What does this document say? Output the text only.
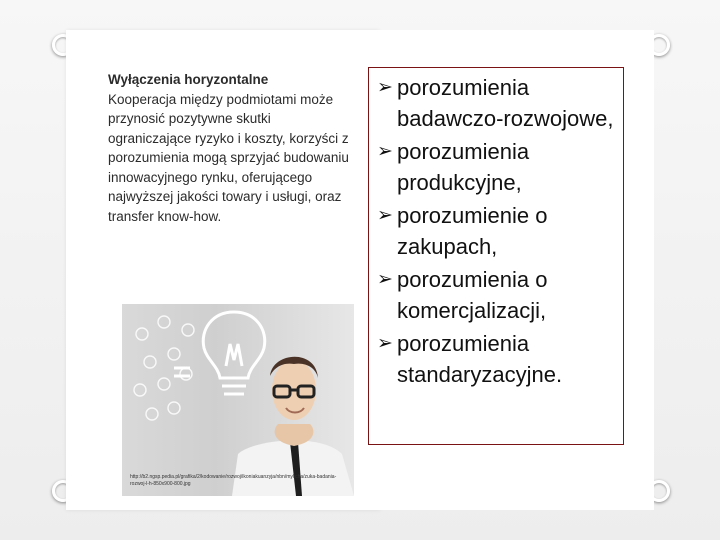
Wyłączenia horyzontalne

Kooperacja między podmiotami może przynosić pozytywne skutki ograniczające ryzyko i koszty, korzyści z porozumienia mogą sprzyjać budowaniu innowacyjnego rynku, oferującego najwyższej jakości towary i usługi, oraz transfer know-how.

http://b2.ngsp.pedia.pl/grafika/2/kodowanie/rozwoj/ikoniakuanzyja/nbn/mylicha/zuka-badania-rozwoj-l-h-850x900-800.jpg
➢ porozumienia badawczo-rozwojowe,
➢ porozumienia produkcyjne,
➢ porozumienie o zakupach,
➢ porozumienia o komercjalizacji,
➢ porozumienia standaryzacyjne.
